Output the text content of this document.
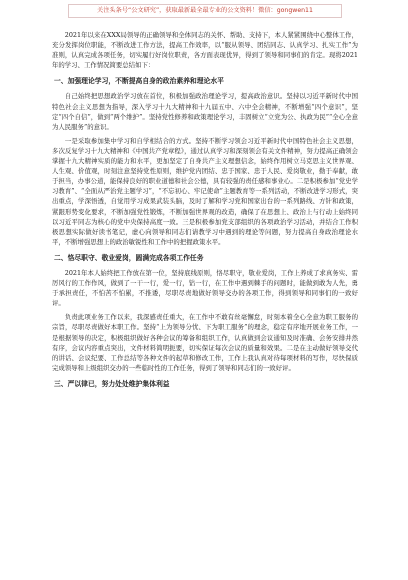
关注头条号“公文研究”，获取最新最全最专业的公文资料！微信：gongwen11
2021年以来在XXX局领导的正确领导和全体同志的关怀、帮助、支持下，本人紧紧围绕中心整体工作，充分发挥岗位职能，不断改进工作方法，提高工作效率，以“服从领导、团结同志、认真学习、扎实工作”为准则，认真完成各项任务，切实履行好岗位职责，各方面表现优异，得到了领导和同事们的肯定。现将2021年的学习、工作情况简要总结如下：
一、加强理论学习，不断提高自身的政治素养和理论水平
自己始终把思想政治学习放在首位，积极加强政治理论学习，提高政治意识。坚持以习近平新时代中国特色社会主义思想为指导，深入学习十九大精神和十九届五中、六中全会精神，不断增强“四个意识”，坚定“四个自信”，做到“两个维护”。坚持党性修养和政策理论学习，丰固树立“立党为公、执政为民”“全心全意为人民服务”的意识。
一是采取参加集中学习和自学相结合的方式。坚持不断学习领会习近平新时代中国特色社会主义思想，多次反复学习十九大精神和《中国共产党章程》，通过认真学习和深刻领会有关文件精神，努力提高正确领会掌握十九大精神实质的能力和水平，更加坚定了自身共产主义理想信念，始终作用树立马克思主义世界观、人生观、价值观，时刻注意坚持党性原则，维护党内团结、忠于国家、忠于人民、爱岗敬业，勤于奉献，敢于担当，办事公道，能保持良好的职业道德和社会公德，具有较强的责任感和事业心。二是积极参加“党史学习教育”、“全面从严治党主题学习”，“不忘初心、牢记使命”主题教育等一系列活动，不断改进学习形式，突出重点，学深悟透，自觉用学习成果武装头脑，及时了解和学习党和国家出台的一系列路线、方针和政策，紧跟形势变化要求，不断加强党性锻炼，不断加强世界观的改造，确保了在思想上、政治上与行动上始终同以习近平同志为核心的党中央保持高度一致。三是积极参加党支部组织的各项政治学习活动，并结合工作积极思想实际做好读书笔记，虚心向领导和同志们请教学习中遇到的理论等问题，努力提高自身政治理论水平，不断增强思想上的政治敏锐性和工作中的把握政策水平。
二、恪尽职守、敬业爱岗，圆满完成各项工作任务
2021年本人始终把工作放在第一位，坚持底线原则，恪尽职守，敬业爱岗，工作上养成了求真务实、雷厉风行的工作作风，做到了一干一行，爱一行，钻一行，在工作中遇到棘手的问题时，能做到敢为人先，勇于承担责任，不怕苦不怕累，不推诿，尽职尽责地做好领导交办的各项工作，得到领导和同事们的一致好评。
负责此项业务工作以来，我深感责任重大，在工作中不敢有丝毫懈怠，时刻本着全心全意为职工服务的宗旨，尽职尽责做好本职工作。坚持“上为领导分忧、下为职工服务”的理念，稳定有序地开展业务工作，一是根据领导的决定，积极组织做好各种会议的筹备和组织工作，认真做到会议通知及时准确、会务安排井然有序，会议内容重点突出，文件材料简明扼要，切实保证每次会议的质量和效果。二是在主动做好领导交代的讲话、会议纪要、工作总结等各种文件的起草和修改工作，工作上我认真对待每项材料的写作，尽快保质完成领导和上级组织交办的一些临时性的工作任务，得到了领导和同志们的一致好评。
三、严以律已，努力处处维护集体利益
